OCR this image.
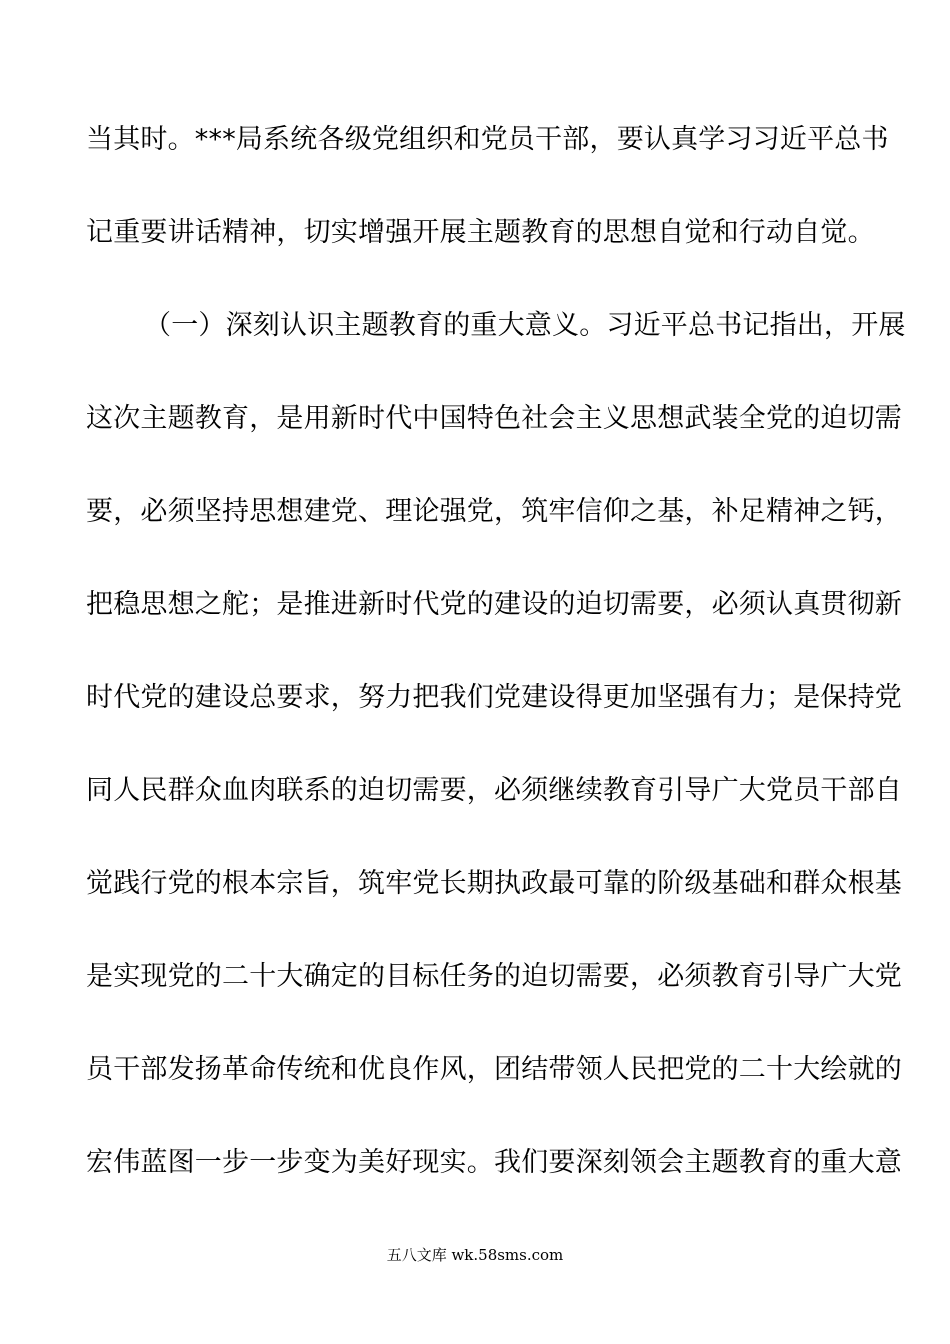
当其时。***局系统各级党组织和党员干部，要认真学习习近平总书
记重要讲话精神，切实增强开展主题教育的思想自觉和行动自觉。
（一）深刻认识主题教育的重大意义。习近平总书记指出，开展
这次主题教育，是用新时代中国特色社会主义思想武装全党的迫切需
要，必须坚持思想建党、理论强党，筑牢信仰之基，补足精神之钙，
把稳思想之舵；是推进新时代党的建设的迫切需要，必须认真贯彻新
时代党的建设总要求，努力把我们党建设得更加坚强有力；是保持党
同人民群众血肉联系的迫切需要，必须继续教育引导广大党员干部自
觉践行党的根本宗旨，筑牢党长期执政最可靠的阶级基础和群众根基
是实现党的二十大确定的目标任务的迫切需要，必须教育引导广大党
员干部发扬革命传统和优良作风，团结带领人民把党的二十大绘就的
宏伟蓝图一步一步变为美好现实。我们要深刻领会主题教育的重大意
五八文库 wk.58sms.com
